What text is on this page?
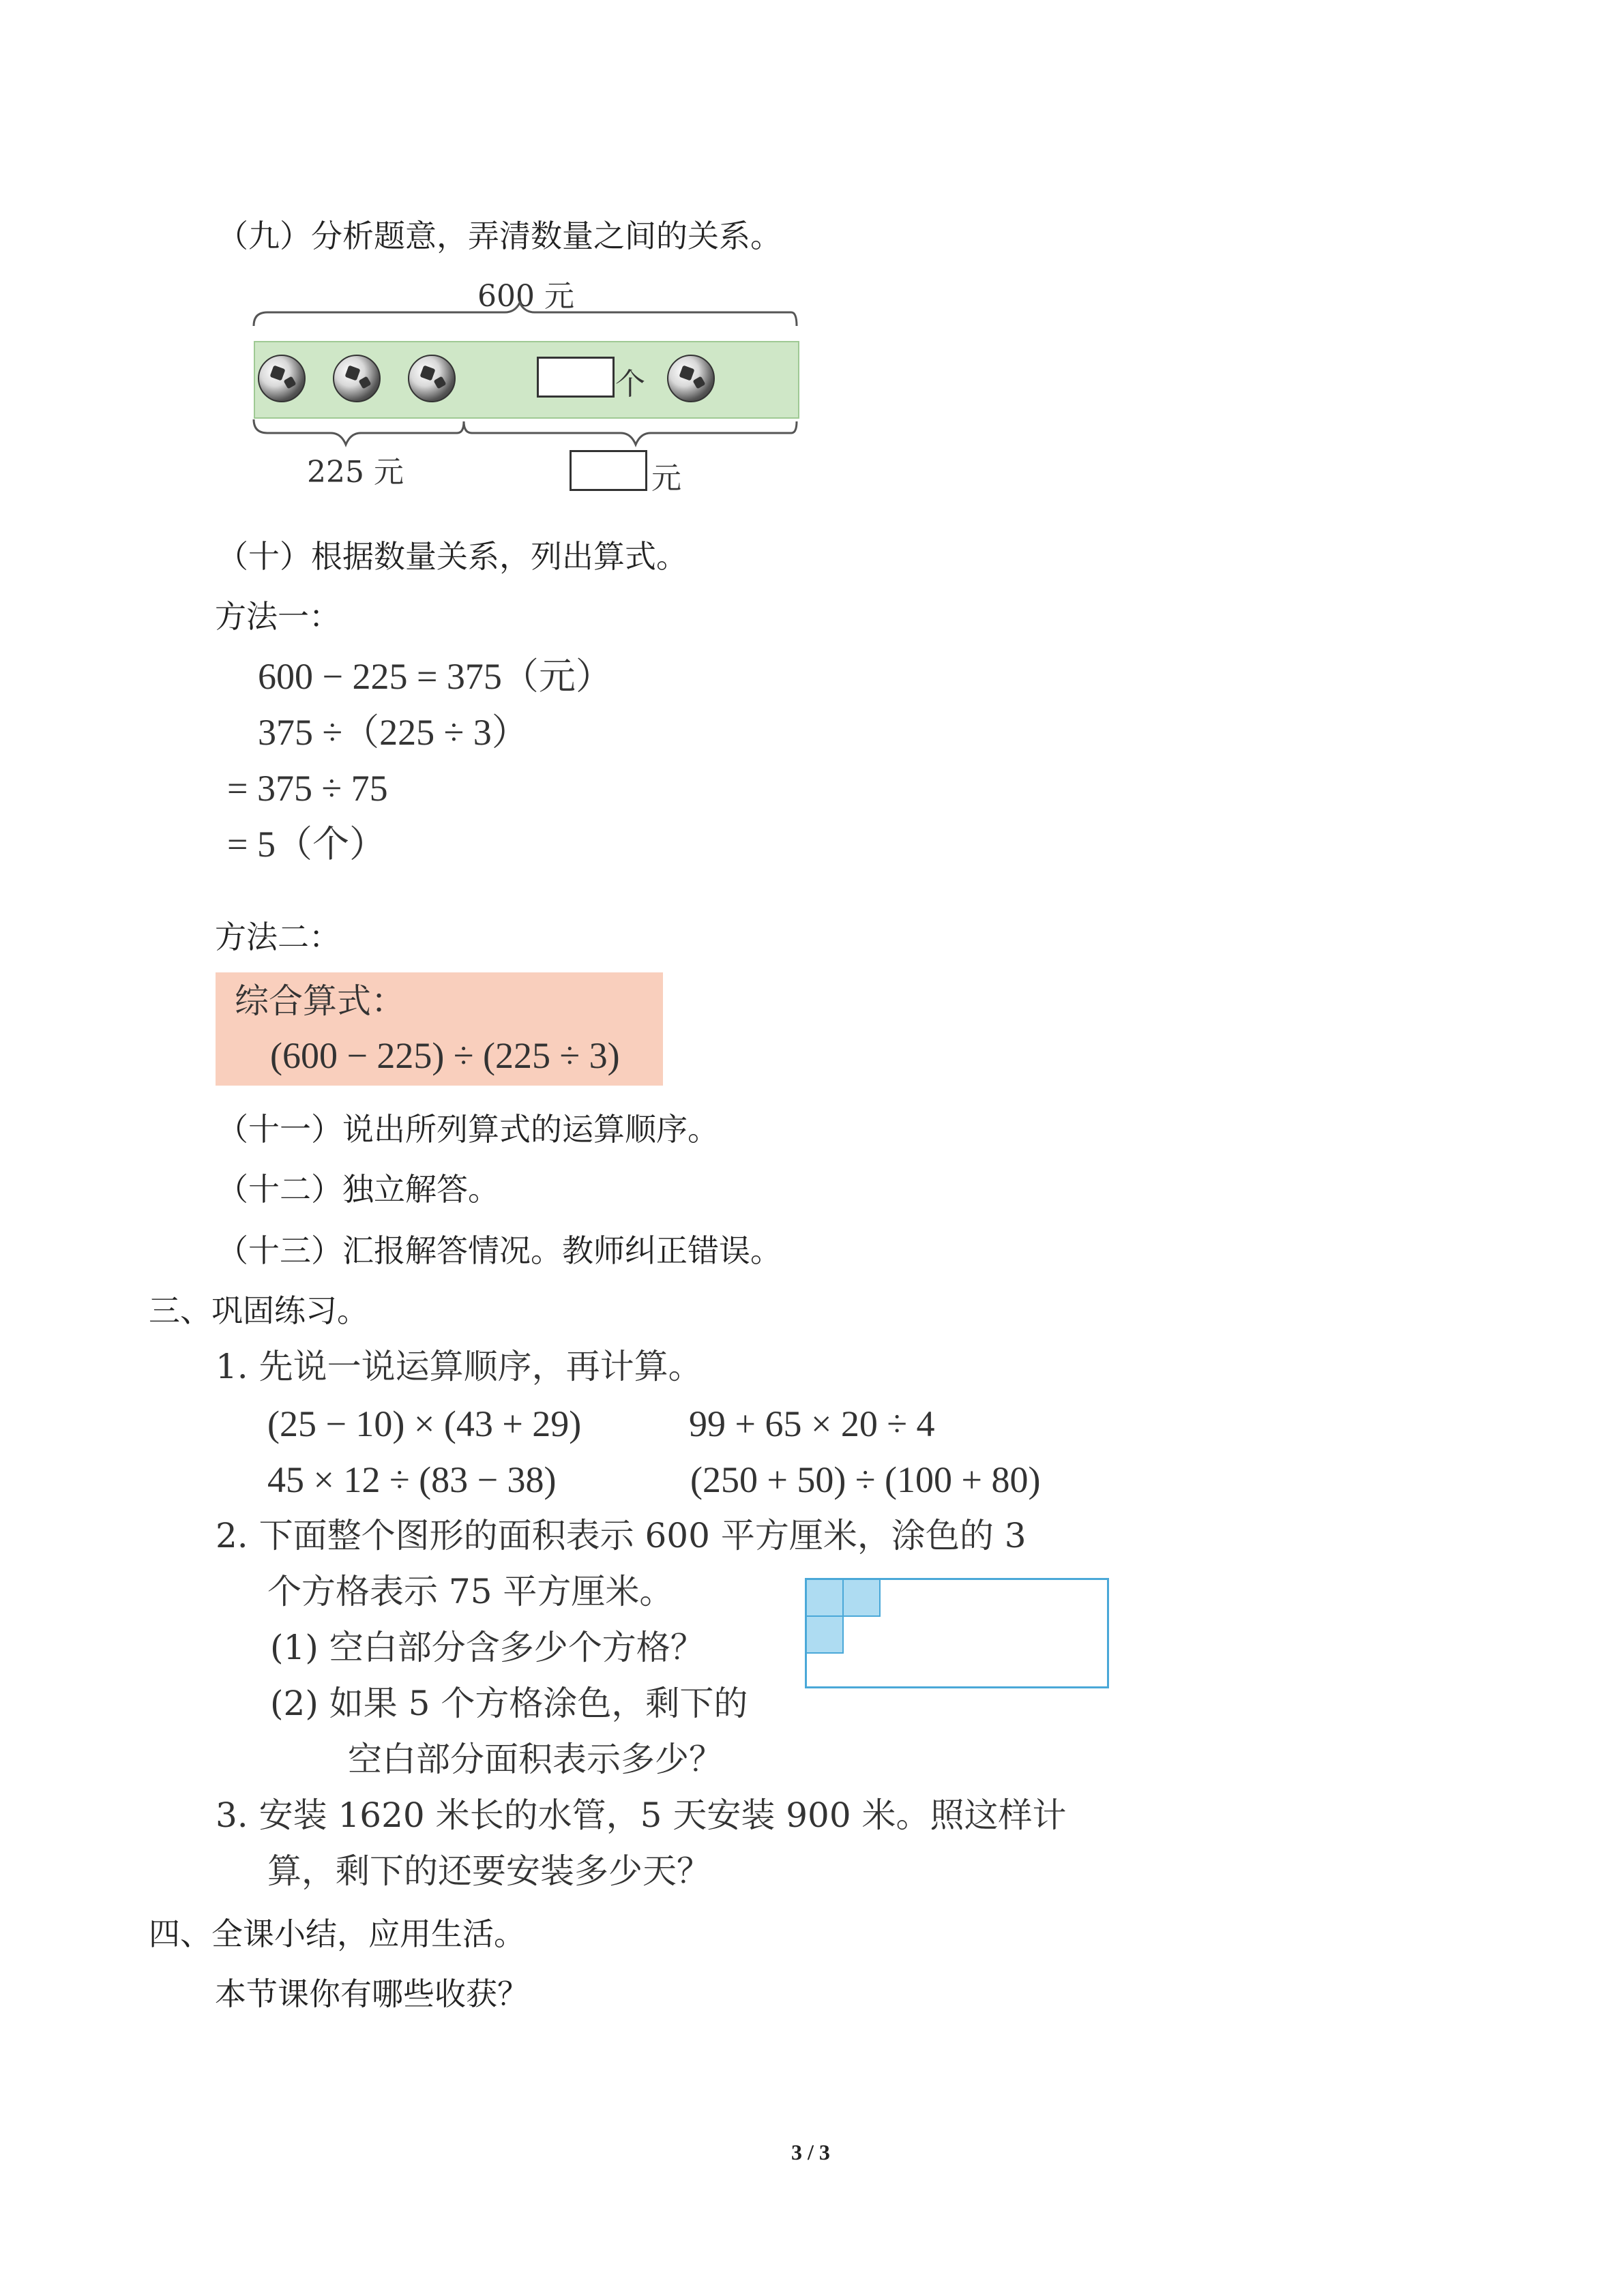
（九）分析题意，弄清数量之间的关系。
600 元
个
225 元	元
（十）根据数量关系，列出算式。
方法一：
600 − 225 = 375（元）
375 ÷（225 ÷ 3）
= 375 ÷ 75
= 5（个）
方法二：
综合算式：
(600 − 225) ÷ (225 ÷ 3)
（十一）说出所列算式的运算顺序。
（十二）独立解答。
（十三）汇报解答情况。教师纠正错误。
三、巩固练习。
1. 先说一说运算顺序，再计算。
(25 − 10) × (43 + 29)	99 + 65 × 20 ÷ 4
45 × 12 ÷ (83 − 38)	(250 + 50) ÷ (100 + 80)
2. 下面整个图形的面积表示 600 平方厘米，涂色的 3
个方格表示 75 平方厘米。
(1) 空白部分含多少个方格？
(2) 如果 5 个方格涂色，剩下的
空白部分面积表示多少？
3. 安装 1620 米长的水管，5 天安装 900 米。照这样计
算，剩下的还要安装多少天？
四、全课小结，应用生活。
本节课你有哪些收获？
3 / 3
